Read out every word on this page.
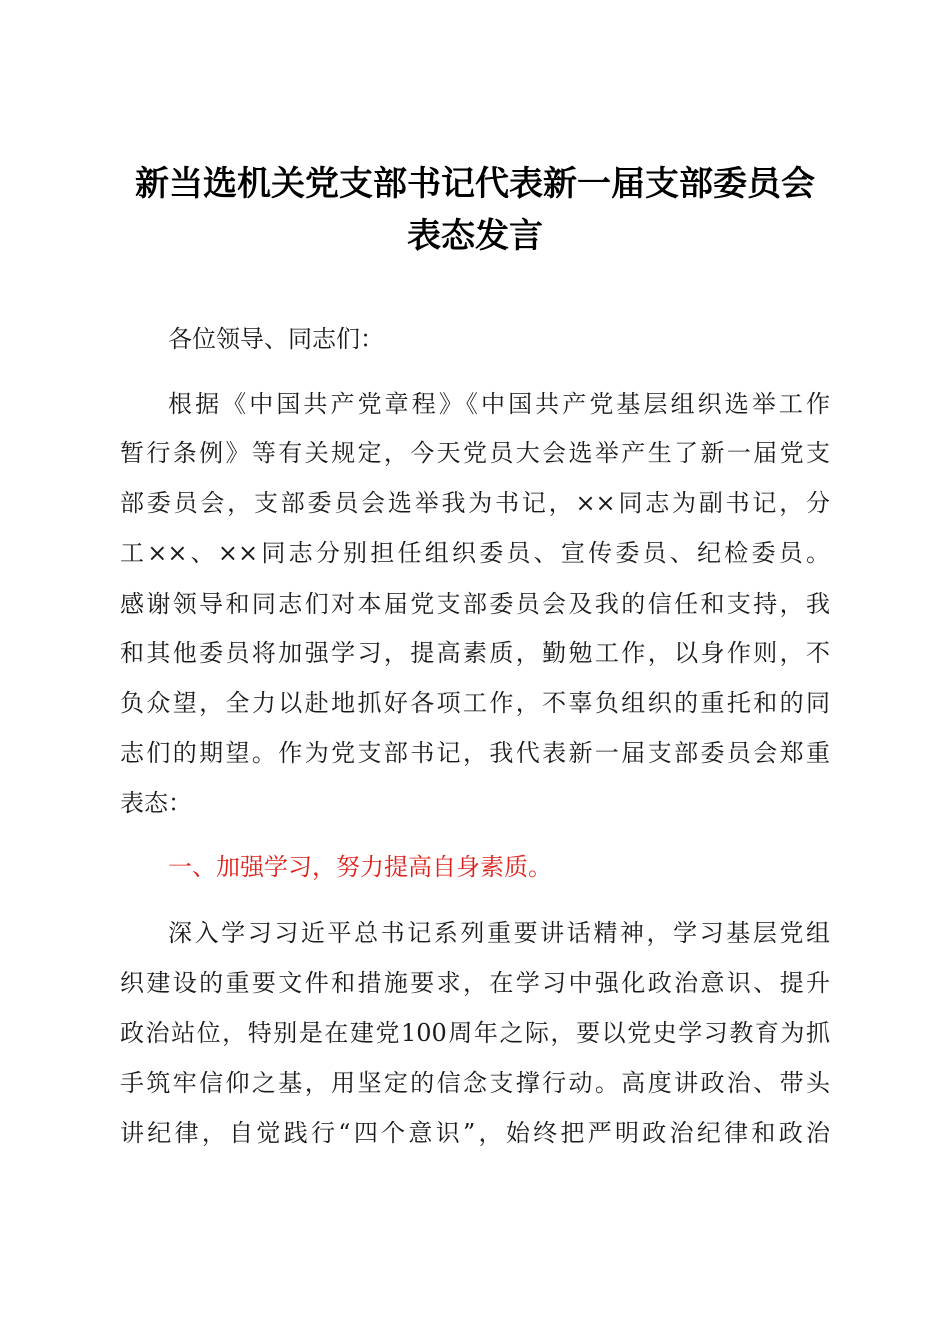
新当选机关党支部书记代表新一届支部委员会
表态发言
各位领导、同志们：
根据《中国共产党章程》《中国共产党基层组织选举工作
暂行条例》等有关规定，今天党员大会选举产生了新一届党支
部委员会，支部委员会选举我为书记，××同志为副书记，分
工××、××同志分别担任组织委员、宣传委员、纪检委员。
感谢领导和同志们对本届党支部委员会及我的信任和支持，我
和其他委员将加强学习，提高素质，勤勉工作，以身作则，不
负众望，全力以赴地抓好各项工作，不辜负组织的重托和的同
志们的期望。作为党支部书记，我代表新一届支部委员会郑重
表态：
一、加强学习，努力提高自身素质。
深入学习习近平总书记系列重要讲话精神，学习基层党组
织建设的重要文件和措施要求，在学习中强化政治意识、提升
政治站位，特别是在建党100周年之际，要以党史学习教育为抓
手筑牢信仰之基，用坚定的信念支撑行动。高度讲政治、带头
讲纪律，自觉践行“四个意识”，始终把严明政治纪律和政治
